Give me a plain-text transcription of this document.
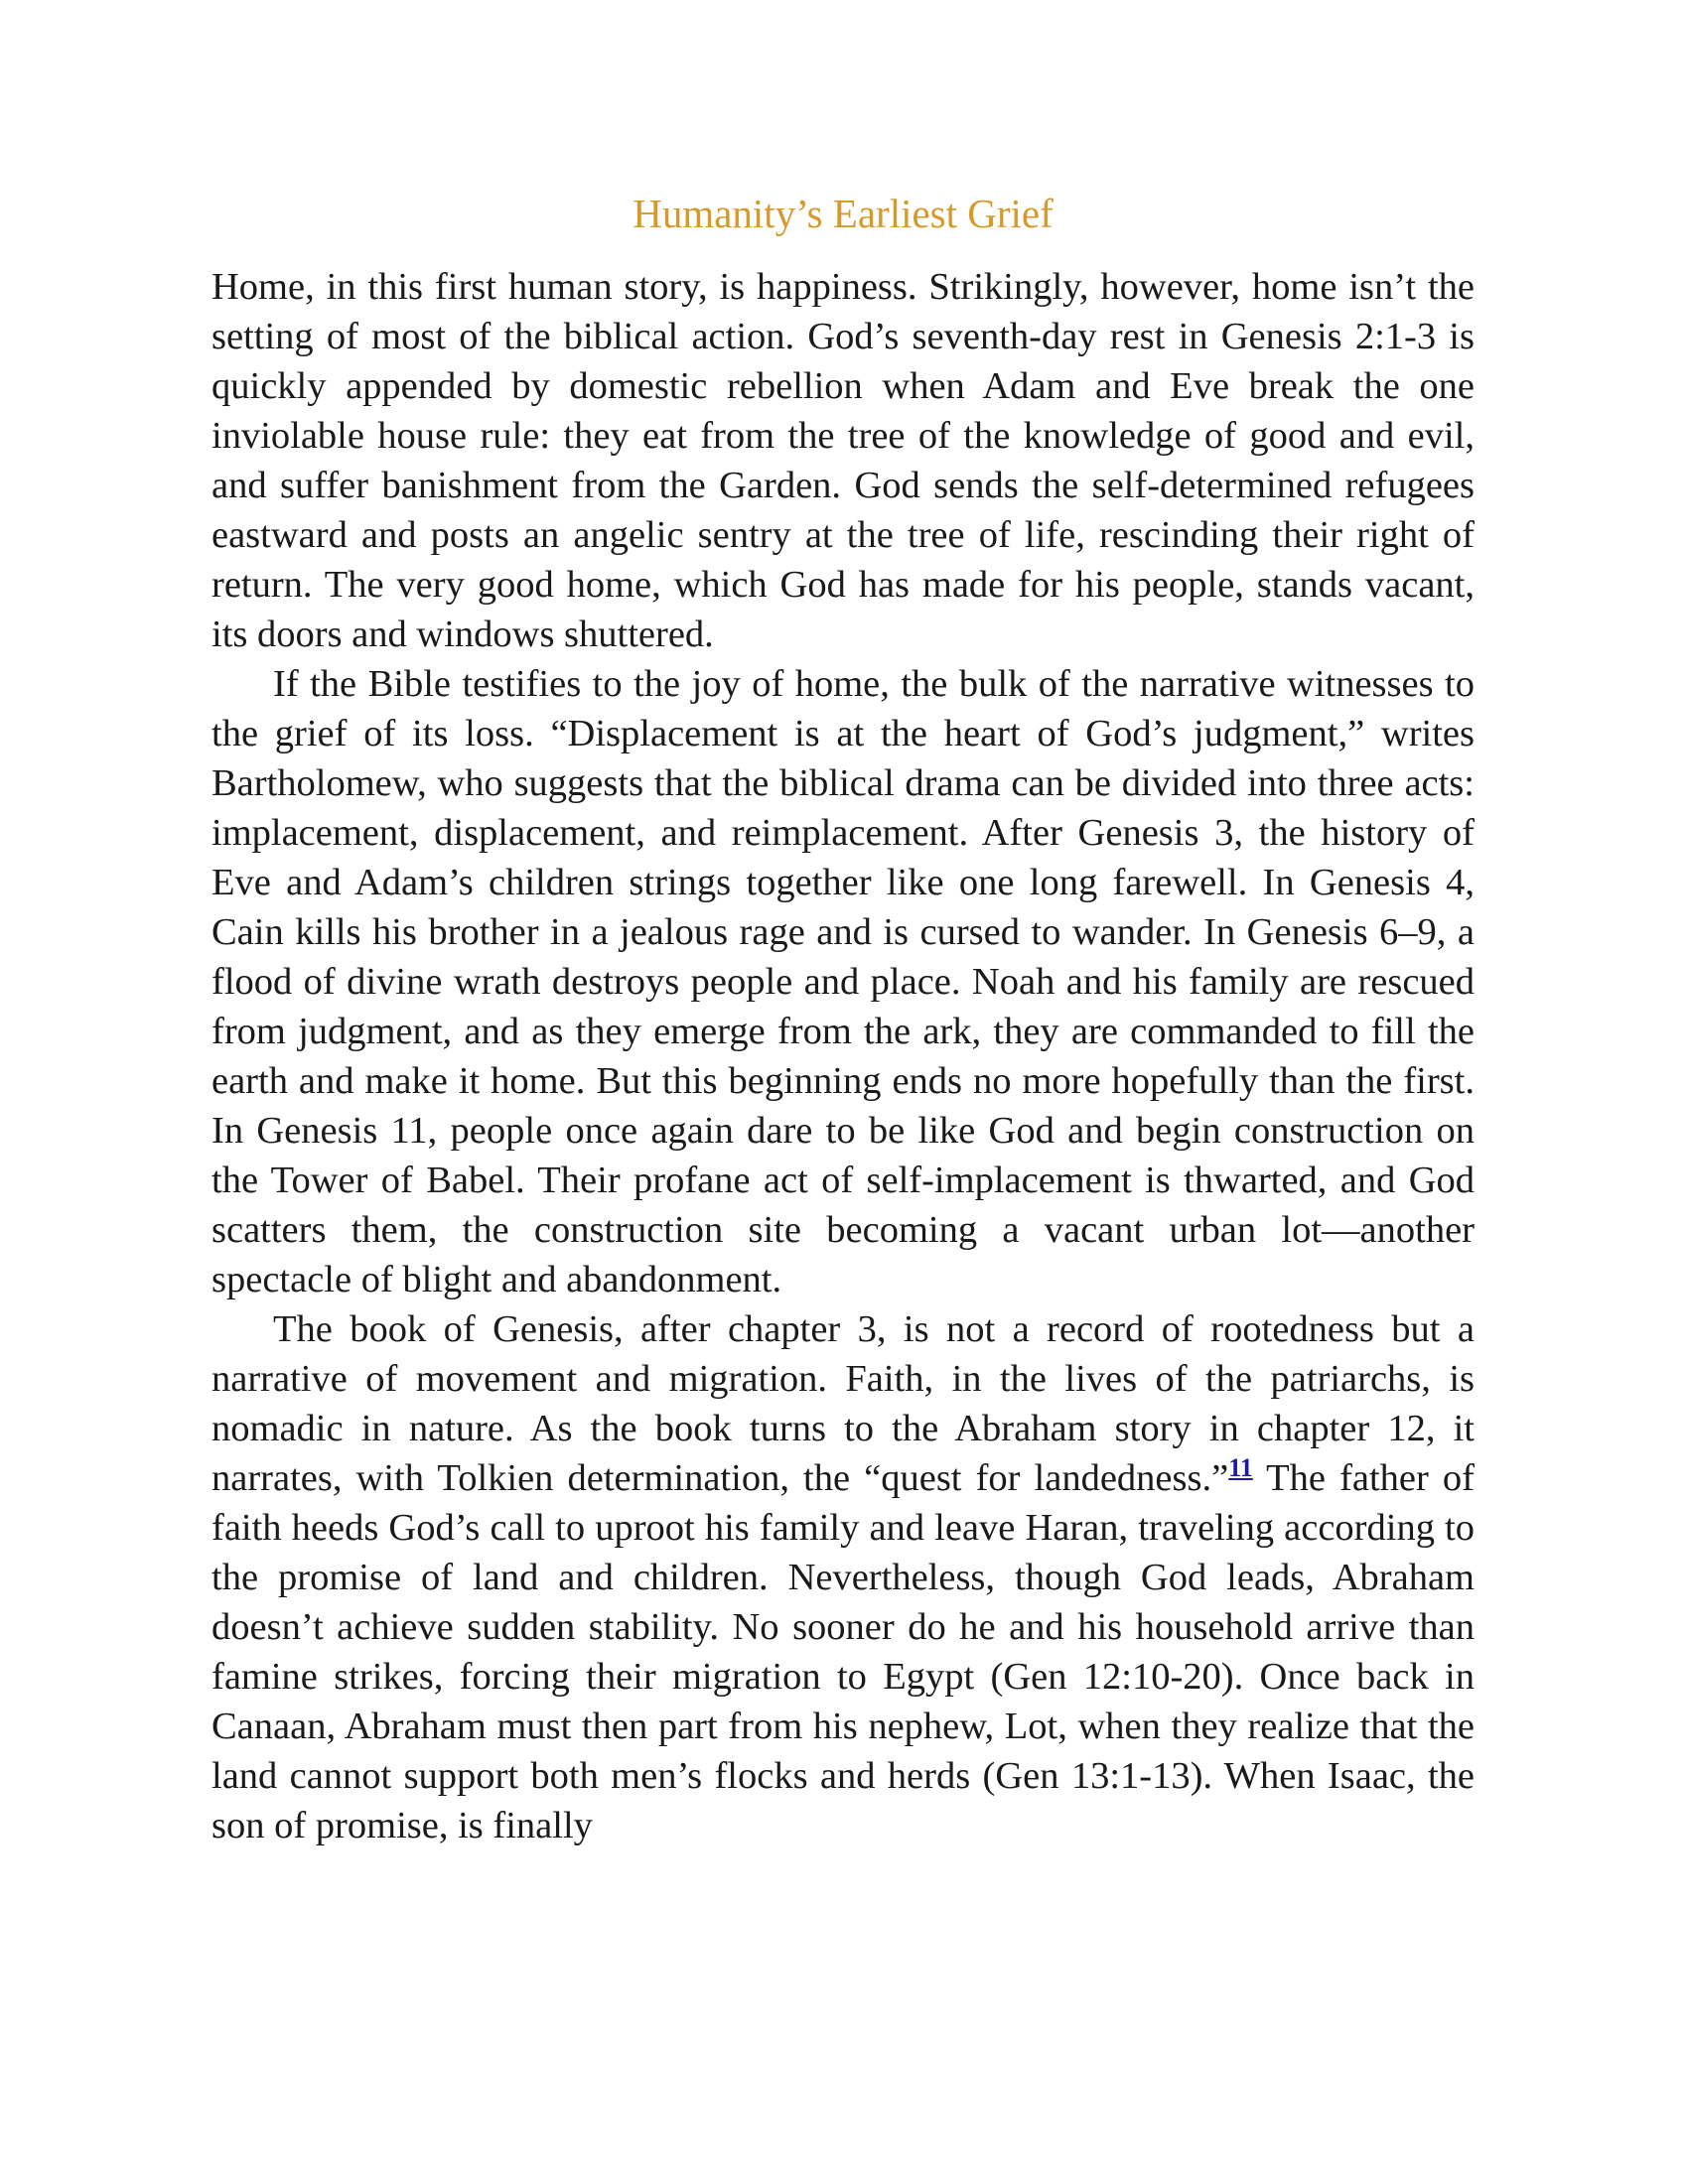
Humanity’s Earliest Grief

Home, in this first human story, is happiness. Strikingly, however, home isn’t the setting of most of the biblical action. God’s seventh-day rest in Genesis 2:1-3 is quickly appended by domestic rebellion when Adam and Eve break the one inviolable house rule: they eat from the tree of the knowledge of good and evil, and suffer banishment from the Garden. God sends the self-determined refugees eastward and posts an angelic sentry at the tree of life, rescinding their right of return. The very good home, which God has made for his people, stands vacant, its doors and windows shuttered.

If the Bible testifies to the joy of home, the bulk of the narrative witnesses to the grief of its loss. “Displacement is at the heart of God’s judgment,” writes Bartholomew, who suggests that the biblical drama can be divided into three acts: implacement, displacement, and reimplacement. After Genesis 3, the history of Eve and Adam’s children strings together like one long farewell. In Genesis 4, Cain kills his brother in a jealous rage and is cursed to wander. In Genesis 6–9, a flood of divine wrath destroys people and place. Noah and his family are rescued from judgment, and as they emerge from the ark, they are commanded to fill the earth and make it home. But this beginning ends no more hopefully than the first. In Genesis 11, people once again dare to be like God and begin construction on the Tower of Babel. Their profane act of self-implacement is thwarted, and God scatters them, the construction site becoming a vacant urban lot—another spectacle of blight and abandonment.

The book of Genesis, after chapter 3, is not a record of rootedness but a narrative of movement and migration. Faith, in the lives of the patriarchs, is nomadic in nature. As the book turns to the Abraham story in chapter 12, it narrates, with Tolkien determination, the “quest for landedness.”$^{11}$ The father of faith heeds God’s call to uproot his family and leave Haran, traveling according to the promise of land and children. Nevertheless, though God leads, Abraham doesn’t achieve sudden stability. No sooner do he and his household arrive than famine strikes, forcing their migration to Egypt (Gen 12:10-20). Once back in Canaan, Abraham must then part from his nephew, Lot, when they realize that the land cannot support both men’s flocks and herds (Gen 13:1-13). When Isaac, the son of promise, is finally
